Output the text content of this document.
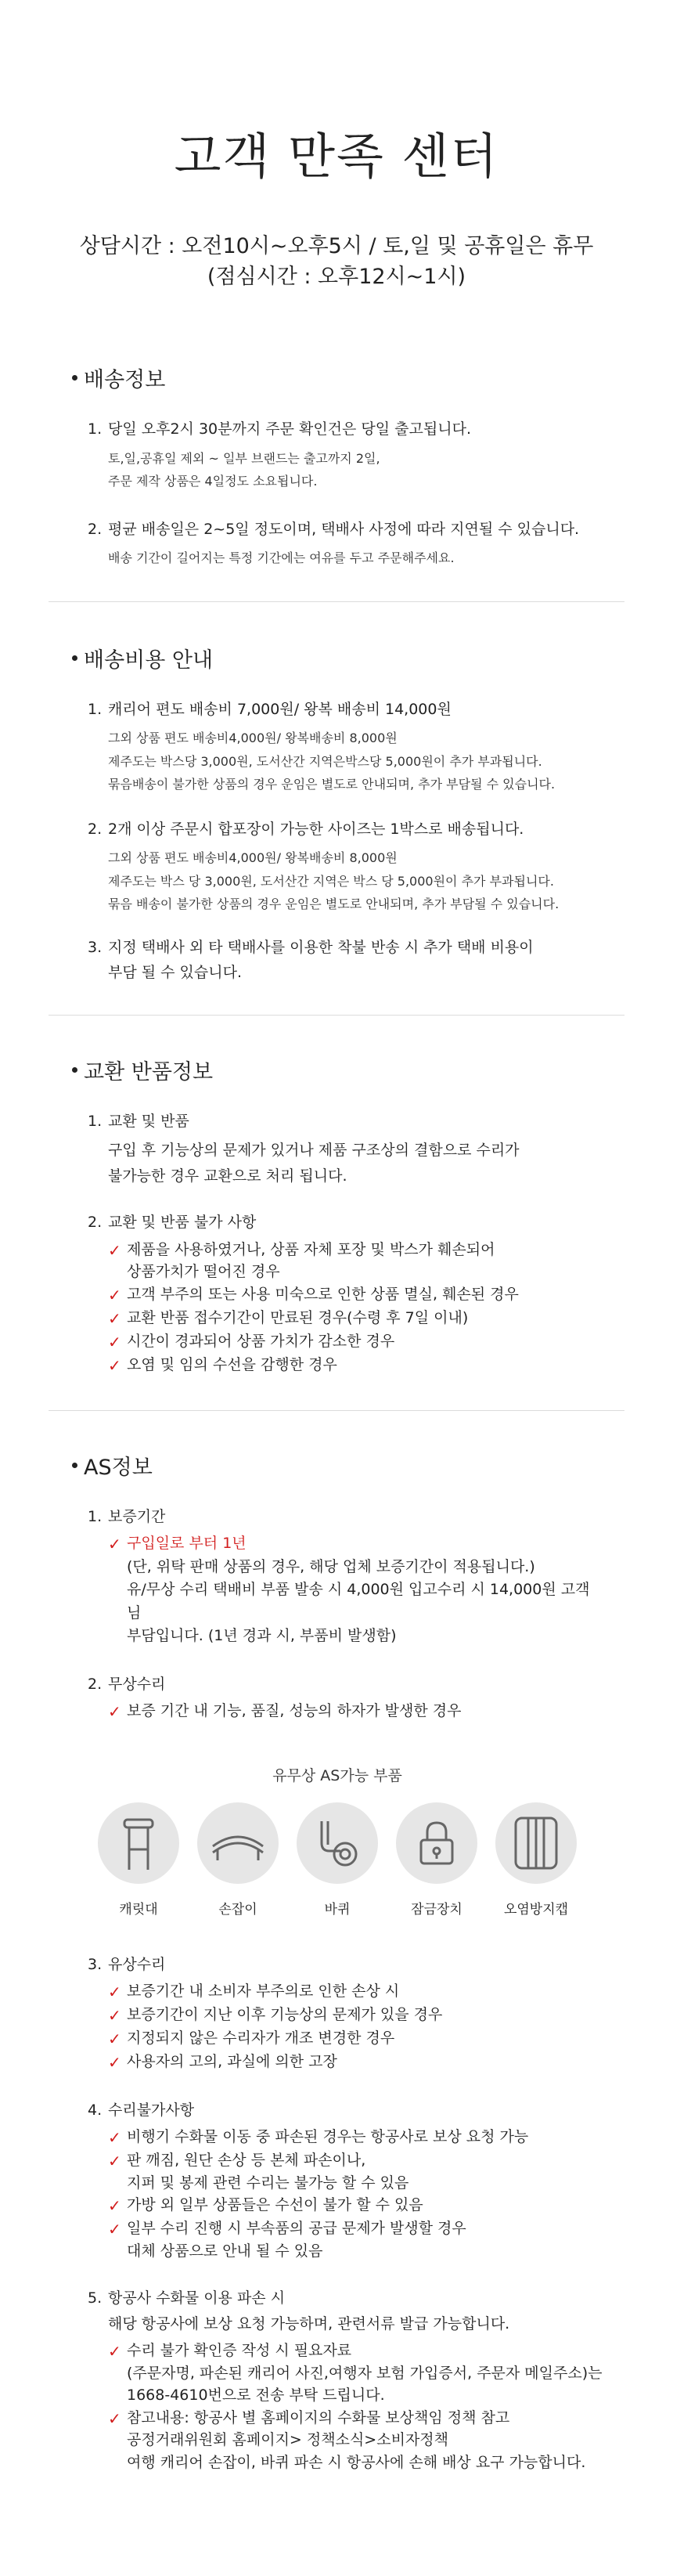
고객 만족 센터
상담시간 : 오전10시~오후5시 / 토,일 및 공휴일은 휴무
(점심시간 : 오후12시~1시)
배송정보
1. 당일 오후2시 30분까지 주문 확인건은 당일 출고됩니다.
토,일,공휴일 제외 ~ 일부 브랜드는 출고까지 2일,
주문 제작 상품은 4일정도 소요됩니다.
2. 평균 배송일은 2~5일 정도이며, 택배사 사정에 따라 지연될 수 있습니다.
배송 기간이 길어지는 특정 기간에는 여유를 두고 주문해주세요.
배송비용 안내
1. 캐리어 편도 배송비 7,000원/ 왕복 배송비 14,000원
그외 상품 편도 배송비4,000원/ 왕복배송비 8,000원
제주도는 박스당 3,000원, 도서산간 지역은박스당 5,000원이 추가 부과됩니다.
묶음배송이 불가한 상품의 경우 운임은 별도로 안내되며, 추가 부담될 수 있습니다.
2. 2개 이상 주문시 합포장이 가능한 사이즈는 1박스로 배송됩니다.
그외 상품 편도 배송비4,000원/ 왕복배송비 8,000원
제주도는 박스 당 3,000원, 도서산간 지역은 박스 당 5,000원이 추가 부과됩니다.
묶음 배송이 불가한 상품의 경우 운임은 별도로 안내되며, 추가 부담될 수 있습니다.
3. 지정 택배사 외 타 택배사를 이용한 착불 반송 시 추가 택배 비용이
부담 될 수 있습니다.
교환 반품정보
1. 교환 및 반품
구입 후 기능상의 문제가 있거나 제품 구조상의 결함으로 수리가
불가능한 경우 교환으로 처리 됩니다.
2. 교환 및 반품 불가 사항
✓ 제품을 사용하였거나, 상품 자체 포장 및 박스가 훼손되어
상품가치가 떨어진 경우
✓ 고객 부주의 또는 사용 미숙으로 인한 상품 멸실, 훼손된 경우
✓ 교환 반품 접수기간이 만료된 경우(수령 후 7일 이내)
✓ 시간이 경과되어 상품 가치가 감소한 경우
✓ 오염 및 임의 수선을 감행한 경우
AS정보
1. 보증기간
✓ 구입일로 부터 1년
(단, 위탁 판매 상품의 경우, 해당 업체 보증기간이 적용됩니다.)
유/무상 수리 택배비 부품 발송 시 4,000원 입고수리 시 14,000원 고객님
부담입니다. (1년 경과 시, 부품비 발생함)
2. 무상수리
✓ 보증 기간 내 기능, 품질, 성능의 하자가 발생한 경우
유무상 AS가능 부품
캐릿대	손잡이	바퀴	잠금장치	오염방지캡
3. 유상수리
✓ 보증기간 내 소비자 부주의로 인한 손상 시
✓ 보증기간이 지난 이후 기능상의 문제가 있을 경우
✓ 지정되지 않은 수리자가 개조 변경한 경우
✓ 사용자의 고의, 과실에 의한 고장
4. 수리불가사항
✓ 비행기 수화물 이동 중 파손된 경우는 항공사로 보상 요청 가능
✓ 판 깨짐, 원단 손상 등 본체 파손이나,
지퍼 및 봉제 관련 수리는 불가능 할 수 있음
✓ 가방 외 일부 상품들은 수선이 불가 할 수 있음
✓ 일부 수리 진행 시 부속품의 공급 문제가 발생할 경우
대체 상품으로 안내 될 수 있음
5. 항공사 수화물 이용 파손 시
해당 항공사에 보상 요청 가능하며, 관련서류 발급 가능합니다.
✓ 수리 불가 확인증 작성 시 필요자료
(주문자명, 파손된 캐리어 사진,여행자 보험 가입증서, 주문자 메일주소)는
1668-4610번으로 전송 부탁 드립니다.
✓ 참고내용: 항공사 별 홈페이지의 수화물 보상책임 정책 참고
공정거래위원회 홈페이지> 정책소식>소비자정책
여행 캐리어 손잡이, 바퀴 파손 시 항공사에 손해 배상 요구 가능합니다.
